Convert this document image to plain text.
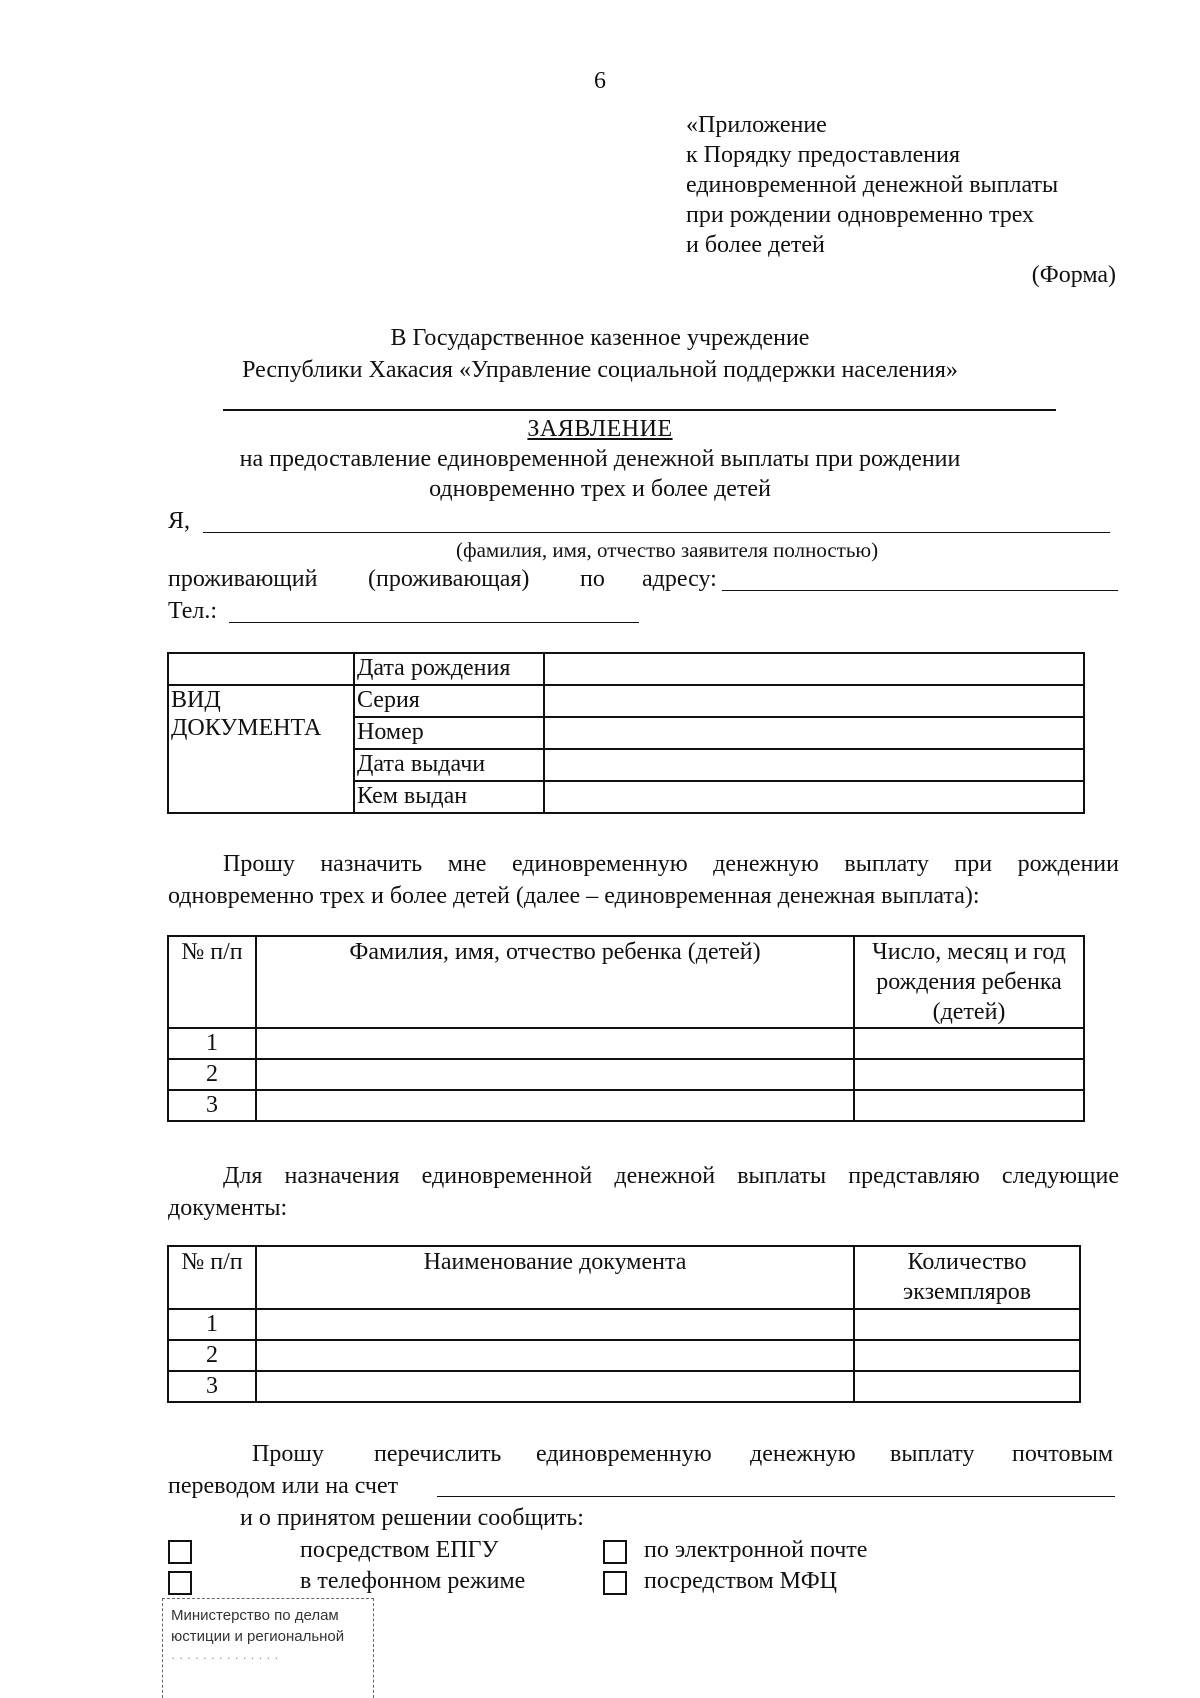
6
«Приложение
к Порядку предоставления
единовременной денежной выплаты
при рождении одновременно трех
и более детей
(Форма)
В Государственное казенное учреждение
Республики Хакасия «Управление социальной поддержки населения»
ЗАЯВЛЕНИЕ
на предоставление единовременной денежной выплаты при рождении
одновременно трех и более детей
Я,
(фамилия, имя, отчество заявителя полностью)
проживающий (проживающая) по адресу:
Тел.:
	Дата рождения	

ВИД
ДОКУМЕНТА	Серия	
	Номер	
	Дата выдачи	
	Кем выдан	
Прошу назначить мне единовременную денежную выплату при рождении одновременно трех и более детей (далее – единовременная денежная выплата):
№ п/п	Фамилия, имя, отчество ребенка (детей)	Число, месяц и год рождения ребенка (детей)
1		
2		
3		
Для назначения единовременной денежной выплаты представляю следующие документы:
№ п/п	Наименование документа	Количество экземпляров
1		
2		
3		
Прошу перечислить единовременную денежную выплату почтовым
переводом или на счет
и о принятом решении сообщить:
посредством ЕПГУ	по электронной почте
в телефонном режиме	посредством МФЦ
Министерство по делам
юстиции и региональной
· · · · · · · · · · · · · ·
